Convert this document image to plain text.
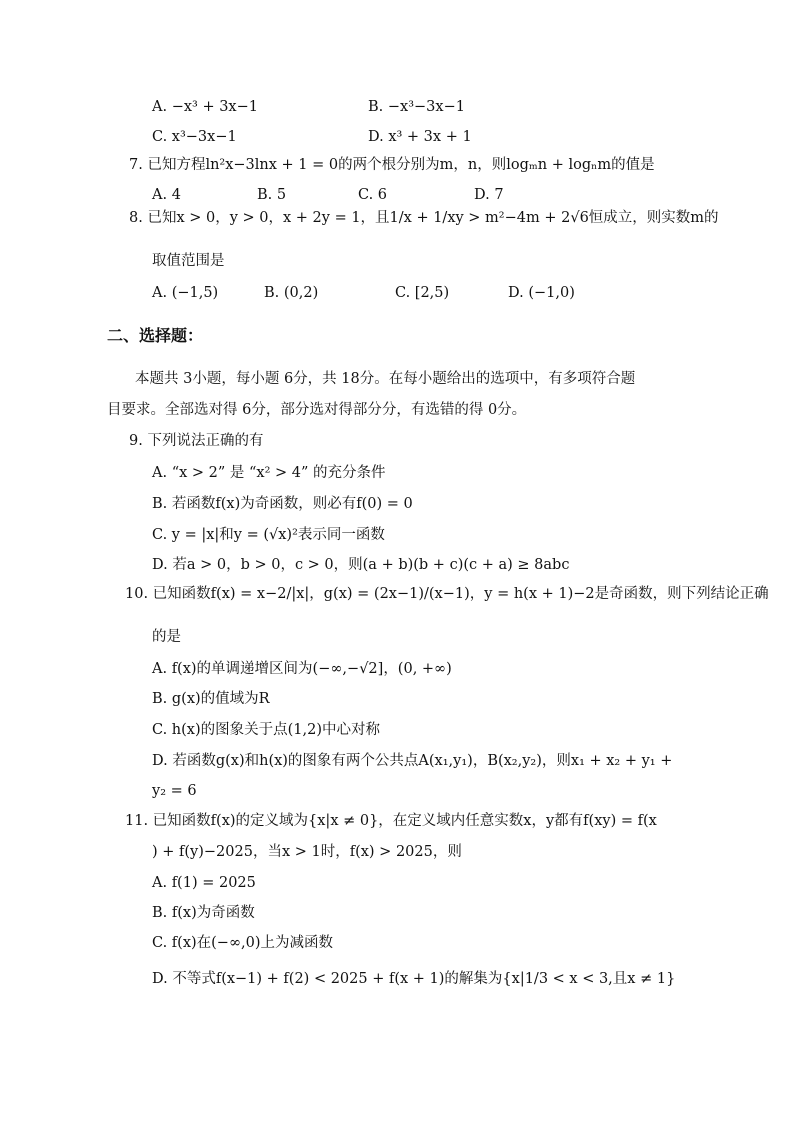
A. −x³ + 3x−1	B. −x³−3x−1
C. x³−3x−1	D. x³ + 3x + 1
7. 已知方程ln²x−3lnx + 1 = 0的两个根分别为m，n，则logₘn + logₙm的值是
A. 4	B. 5	C. 6	D. 7
8. 已知x > 0，y > 0，x + 2y = 1，且1/x + 1/xy > m²−4m + 2√6恒成立，则实数m的
取值范围是
A. (−1,5)	B. (0,2)	C. [2,5)	D. (−1,0)
二、选择题：
本题共 3小题，每小题 6分，共 18分。在每小题给出的选项中，有多项符合题
目要求。全部选对得 6分，部分选对得部分分，有选错的得 0分。
9. 下列说法正确的有
A. “x > 2” 是 “x² > 4” 的充分条件
B. 若函数f(x)为奇函数，则必有f(0) = 0
C. y = |x|和y = (√x)²表示同一函数
D. 若a > 0，b > 0，c > 0，则(a + b)(b + c)(c + a) ≥ 8abc
10. 已知函数f(x) = x−2/|x|，g(x) = (2x−1)/(x−1)，y = h(x + 1)−2是奇函数，则下列结论正确
的是
A. f(x)的单调递增区间为(−∞,−√2]，(0, +∞)
B. g(x)的值域为R
C. h(x)的图象关于点(1,2)中心对称
D. 若函数g(x)和h(x)的图象有两个公共点A(x₁,y₁)，B(x₂,y₂)，则x₁ + x₂ + y₁ +
y₂ = 6
11. 已知函数f(x)的定义域为{x|x ≠ 0}，在定义域内任意实数x，y都有f(xy) = f(x
) + f(y)−2025，当x > 1时，f(x) > 2025，则
A. f(1) = 2025
B. f(x)为奇函数
C. f(x)在(−∞,0)上为减函数
D. 不等式f(x−1) + f(2) < 2025 + f(x + 1)的解集为{x|1/3 < x < 3,且x ≠ 1}
